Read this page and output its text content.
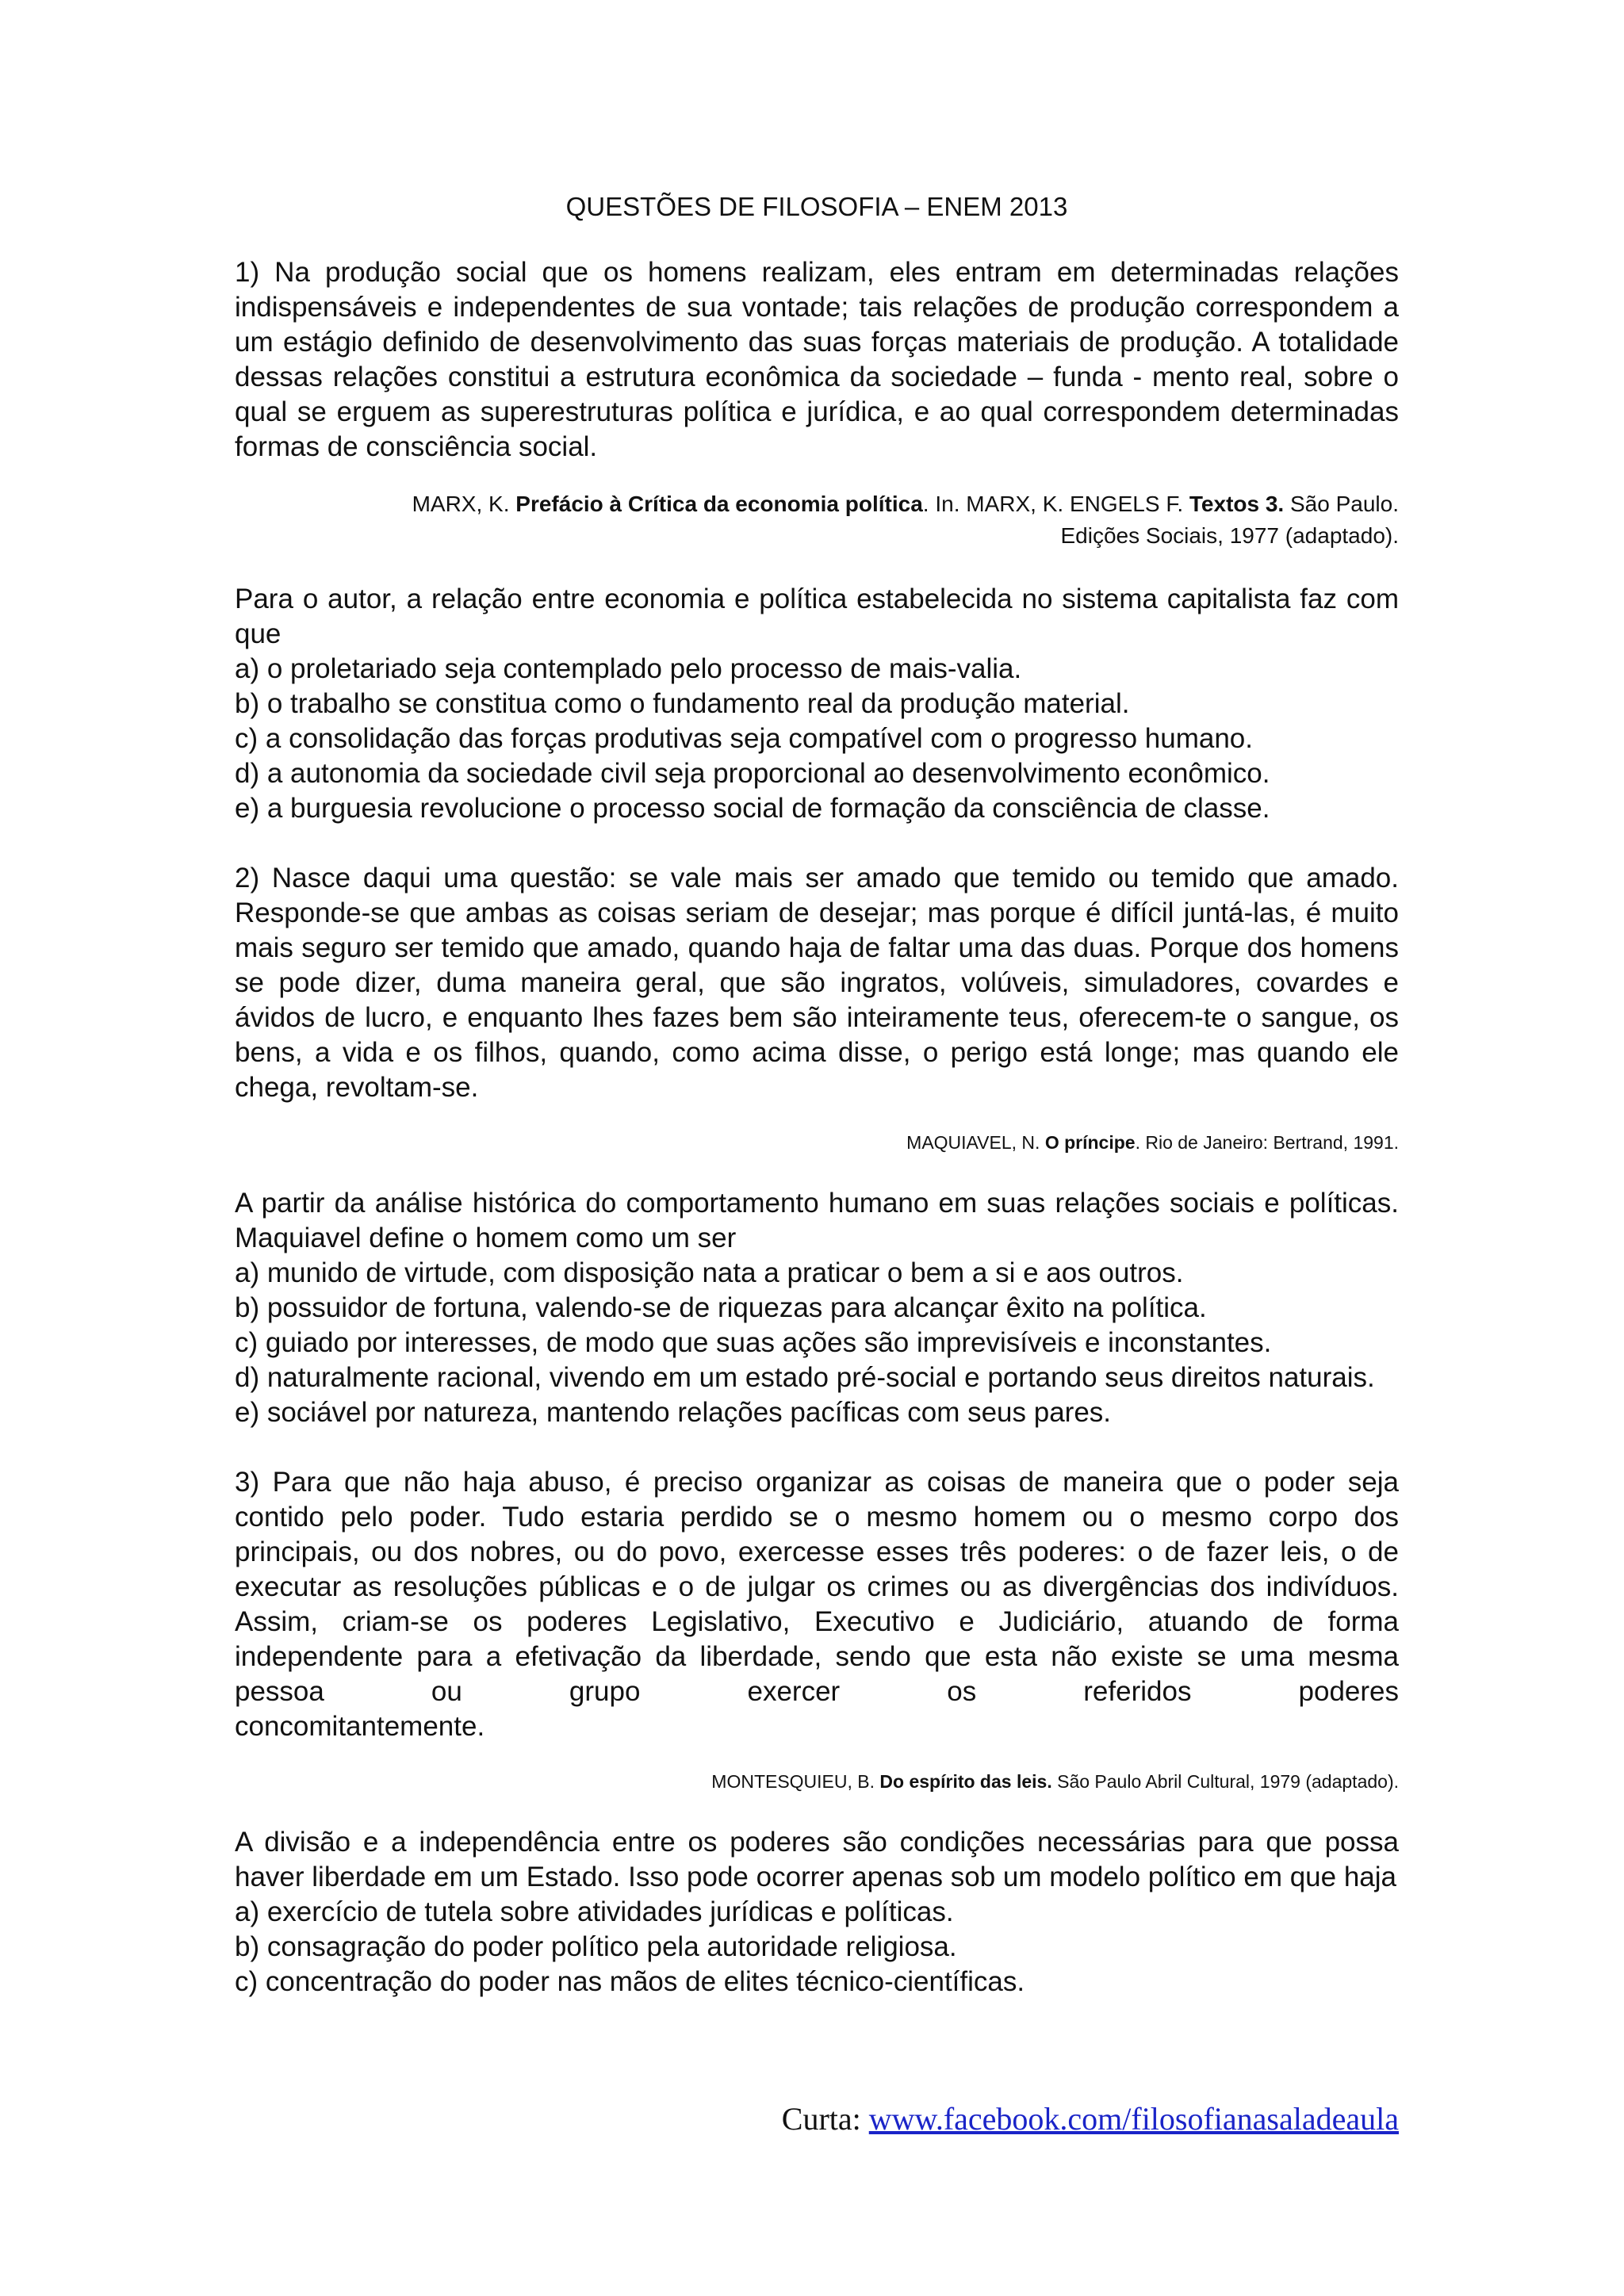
QUESTÕES DE FILOSOFIA – ENEM 2013

1) Na produção social que os homens realizam, eles entram em determinadas relações indispensáveis e independentes de sua vontade; tais relações de produção correspondem a um estágio definido de desenvolvimento das suas forças materiais de produção. A totalidade dessas relações constitui a estrutura econômica da sociedade – funda - mento real, sobre o qual se erguem as superestruturas política e jurídica, e ao qual correspondem determinadas formas de consciência social.

MARX, K. Prefácio à Crítica da economia política. In. MARX, K. ENGELS F. Textos 3. São Paulo.
Edições Sociais, 1977 (adaptado).

Para o autor, a relação entre economia e política estabelecida no sistema capitalista faz com que

a) o proletariado seja contemplado pelo processo de mais-valia.
b) o trabalho se constitua como o fundamento real da produção material.
c) a consolidação das forças produtivas seja compatível com o progresso humano.
d) a autonomia da sociedade civil seja proporcional ao desenvolvimento econômico.
e) a burguesia revolucione o processo social de formação da consciência de classe.

2) Nasce daqui uma questão: se vale mais ser amado que temido ou temido que amado. Responde-se que ambas as coisas seriam de desejar; mas porque é difícil juntá-las, é muito mais seguro ser temido que amado, quando haja de faltar uma das duas. Porque dos homens se pode dizer, duma maneira geral, que são ingratos, volúveis, simuladores, covardes e ávidos de lucro, e enquanto lhes fazes bem são inteiramente teus, oferecem-te o sangue, os bens, a vida e os filhos, quando, como acima disse, o perigo está longe; mas quando ele chega, revoltam-se.

MAQUIAVEL, N. O príncipe. Rio de Janeiro: Bertrand, 1991.

A partir da análise histórica do comportamento humano em suas relações sociais e políticas. Maquiavel define o homem como um ser

a) munido de virtude, com disposição nata a praticar o bem a si e aos outros.
b) possuidor de fortuna, valendo-se de riquezas para alcançar êxito na política.
c) guiado por interesses, de modo que suas ações são imprevisíveis e inconstantes.
d) naturalmente racional, vivendo em um estado pré-social e portando seus direitos naturais.
e) sociável por natureza, mantendo relações pacíficas com seus pares.

3) Para que não haja abuso, é preciso organizar as coisas de maneira que o poder seja contido pelo poder. Tudo estaria perdido se o mesmo homem ou o mesmo corpo dos principais, ou dos nobres, ou do povo, exercesse esses três poderes: o de fazer leis, o de executar as resoluções públicas e o de julgar os crimes ou as divergências dos indivíduos. Assim, criam-se os poderes Legislativo, Executivo e Judiciário, atuando de forma independente para a efetivação da liberdade, sendo que esta não existe se uma mesma pessoa ou grupo exercer os referidos poderes

concomitantemente.

MONTESQUIEU, B. Do espírito das leis. São Paulo Abril Cultural, 1979 (adaptado).

A divisão e a independência entre os poderes são condições necessárias para que possa haver liberdade em um Estado. Isso pode ocorrer apenas sob um modelo político em que haja

a) exercício de tutela sobre atividades jurídicas e políticas.
b) consagração do poder político pela autoridade religiosa.
c) concentração do poder nas mãos de elites técnico-científicas.
Curta: www.facebook.com/filosofianasaladeaula
